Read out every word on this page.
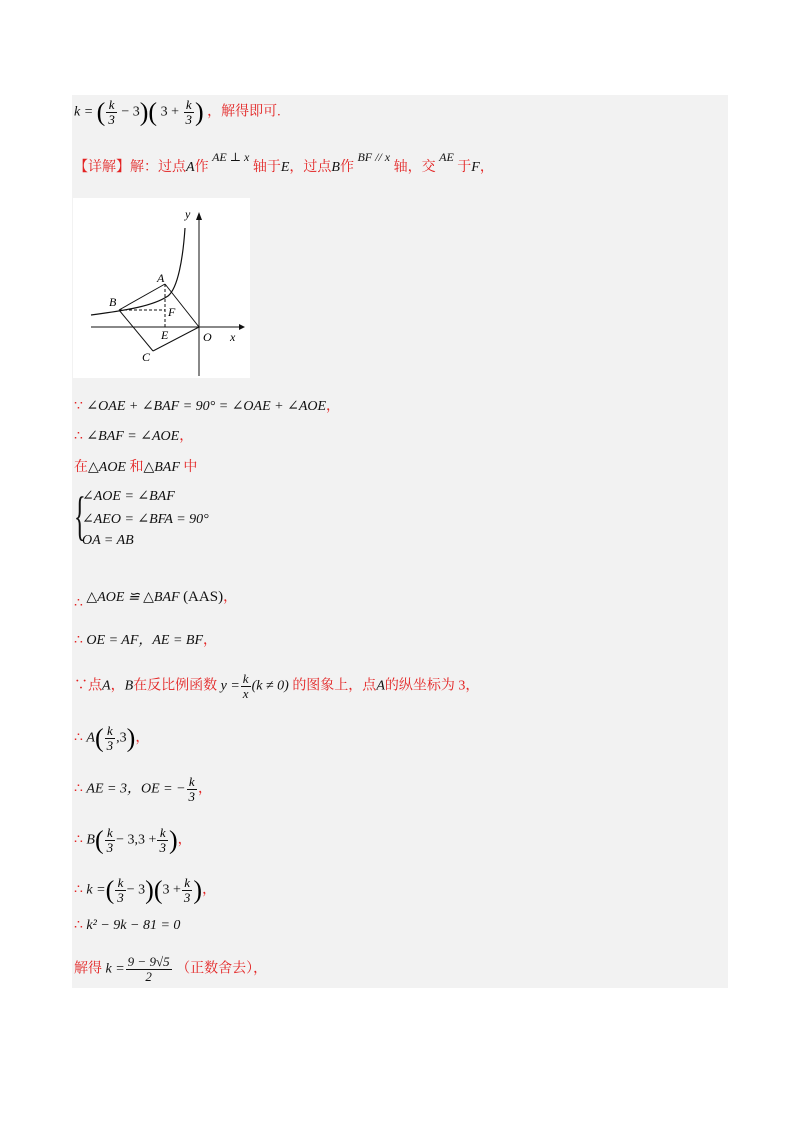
k = ( $\frac{k}{3} - 3$)( $3 + \frac{k}{3}$ ) ，解得即可.
【详解】解：过点A作 AE ⊥ x 轴于E，过点B作 BF // x 轴，交 AE 于F，
y
x
A
B
C
E
F
O
∵ ∠OAE + ∠BAF = 90° = ∠OAE + ∠AOE，
∴ ∠BAF = ∠AOE，
在△AOE 和△BAF 中
{
∠AOE = ∠BAF
∠AEO = ∠BFA = 90°
OA = AB
∴ △AOE ≌ △BAF (AAS)，
∴ OE = AF，AE = BF，
∵点A，B在反比例函数 $y = \frac{k}{x} (k \ne 0)$ 的图象上，点A的纵坐标为 3，
∴ $A( \frac{k}{3} ,3)$，
∴ AE = 3，OE = − $\frac{k}{3}$ ，
∴ $B( \frac{k}{3} - 3,3 + \frac{k}{3}$ )，
∴ k =( $\frac{k}{3} - 3)(3 + \frac{k}{3}$ )，
∴ k² − 9k − 81 = 0
解得 $k = \frac{9 - 9√5}{2}$ （正数舍去），
